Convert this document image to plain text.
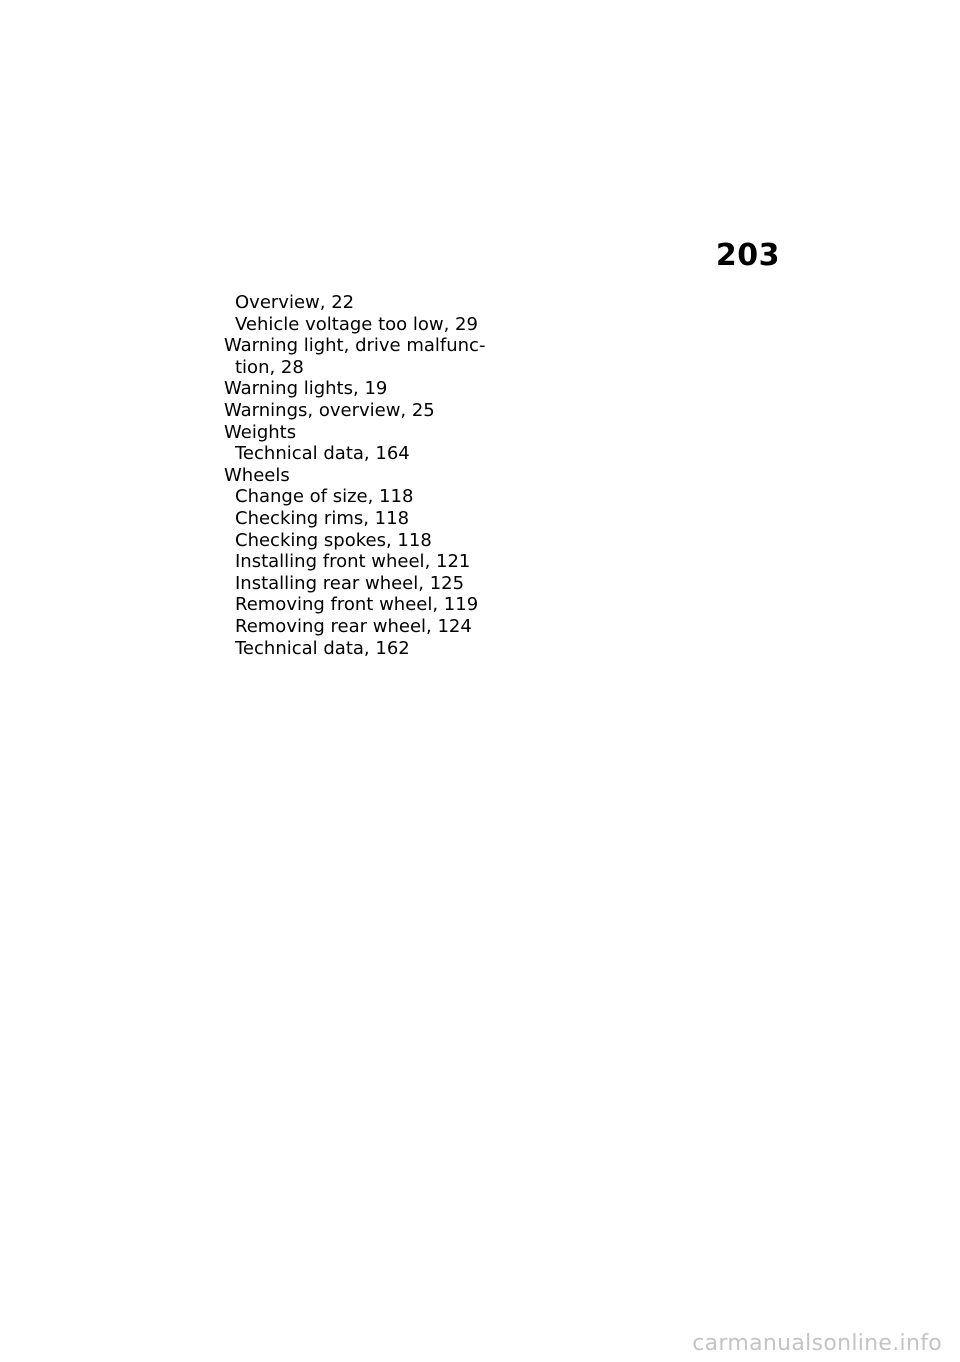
203
Overview, 22
Vehicle voltage too low, 29
Warning light, drive malfunc-
tion, 28
Warning lights, 19
Warnings, overview, 25
Weights
Technical data, 164
Wheels
Change of size, 118
Checking rims, 118
Checking spokes, 118
Installing front wheel, 121
Installing rear wheel, 125
Removing front wheel, 119
Removing rear wheel, 124
Technical data, 162
carmanualsonline.info
